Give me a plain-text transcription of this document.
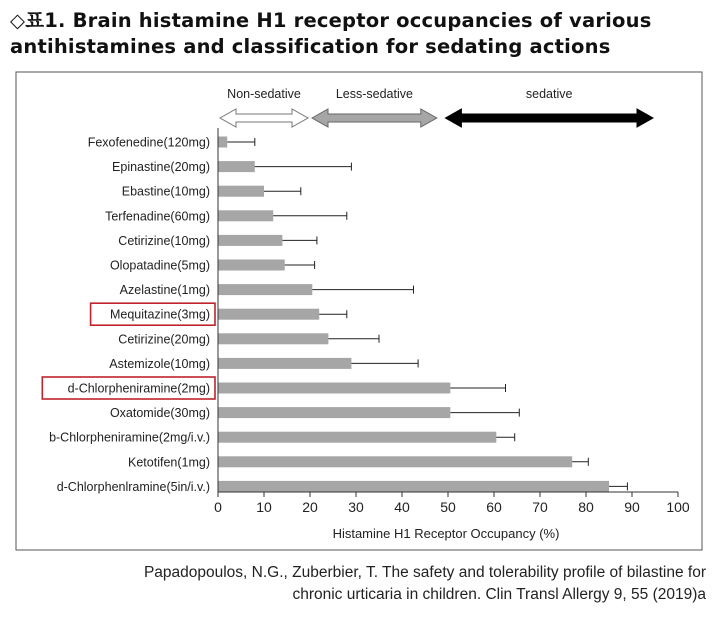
◇표1. Brain histamine H1 receptor occupancies of various
antihistamines and classification for sedating actions
Non-sedative	Less-sedative	sedative
Fexofenedine(120mg)
Epinastine(20mg)
Ebastine(10mg)
Terfenadine(60mg)
Cetirizine(10mg)
Olopatadine(5mg)
Azelastine(1mg)
Mequitazine(3mg)
Cetirizine(20mg)
Astemizole(10mg)
d-Chlorpheniramine(2mg)
Oxatomide(30mg)
b-Chlorpheniramine(2mg/i.v.)
Ketotifen(1mg)
d-Chlorphenlramine(5in/i.v.)
0 10 20 30 40 50 60 70 80 90 100
Histamine H1 Receptor Occupancy (%)
Papadopoulos, N.G., Zuberbier, T. The safety and tolerability profile of bilastine for
chronic urticaria in children. Clin Transl Allergy 9, 55 (2019)a
